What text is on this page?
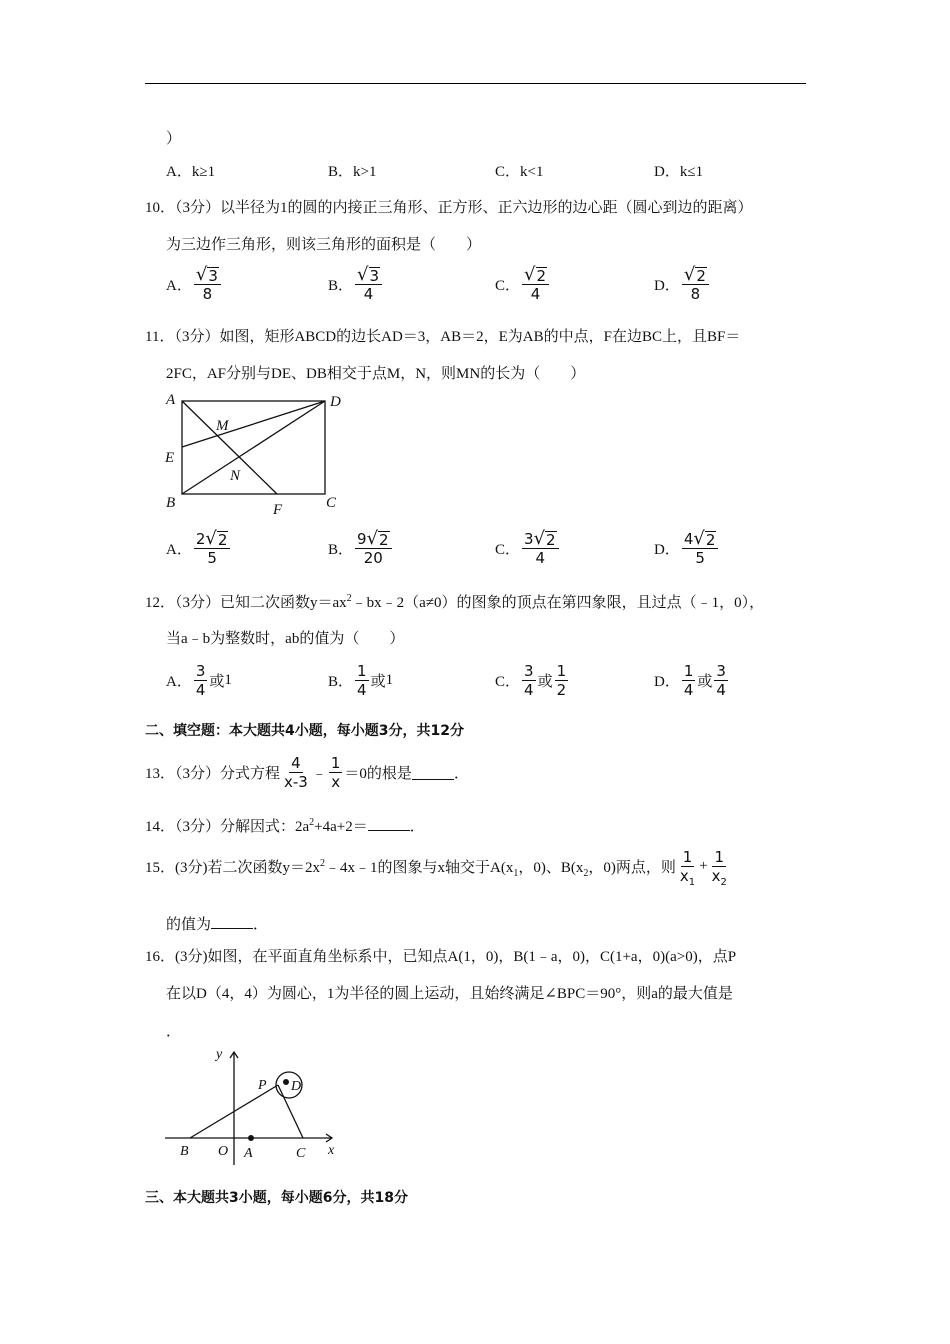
）
A．k≥1	B．k>1	C．k<1	D．k≤1
10．（3分）以半径为1的圆的内接正三角形、正方形、正六边形的边心距（圆心到边的距离）
为三边作三角形，则该三角形的面积是（　　）
A． $\frac{√ 3}{8}$	B． $\frac{√ 3}{4}$	C． $\frac{√ 2}{4}$	D． $\frac{√ 2}{8}$
11．（3分）如图，矩形ABCD的边长AD＝3，AB＝2，E为AB的中点，F在边BC上，且BF＝
2FC，AF分别与DE、DB相交于点M，N，则MN的长为（　　）
A	D
M
E
N
B	F	C
A． $\frac{2 √ 2}{5}$	B． $\frac{9 √ 2}{20}$	C． $\frac{3 √ 2}{4}$	D． $\frac{4 √ 2}{5}$
12．（3分）已知二次函数$y=ax^2﹣bx﹣2(a\ne 0)$的图象的顶点在第四象限，且过点（﹣1，0），
当a﹣b为整数时，ab的值为（　　）
A． $\frac{3}{4}$ 或 1	B． $\frac{1}{4}$ 或 1	C． $\frac{3}{4}$ 或 $\frac{1}{2}$	D． $\frac{1}{4}$ 或 $\frac{3}{4}$
二、填空题：本大题共4小题，每小题3分，共12分
13．（3分）分式方程 $\frac{4}{x-3}$ ﹣ $\frac{1}{x} =0$的根是	．
14．（3分）分解因式：$2a^2+4a+2=$	．
15．(3分)若二次函数$y=2x^2﹣4x﹣1$的图象与x轴交于$A(x_1$，0)、$B(x_2$，0)两点，则 $\frac{1}{x_1} + \frac{1}{x_2}$
的值为	．
16．(3分)如图，在平面直角坐标系中，已知点A(1，0)，B(1﹣a，0)，C(1+a，0)(a>0)，点P
在以D（4，4）为圆心，1为半径的圆上运动，且始终满足∠BPC＝90°，则a的最大值是
．
y
x
P D
B O A	C
三、本大题共3小题，每小题6分，共18分
